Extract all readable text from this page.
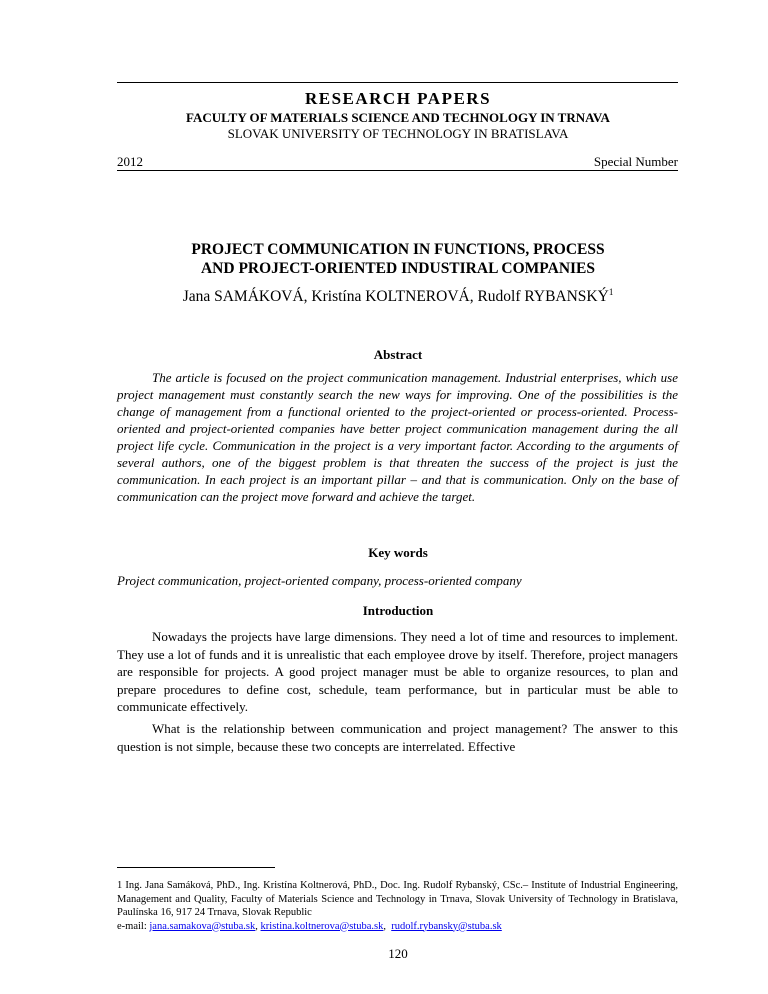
RESEARCH PAPERS
FACULTY OF MATERIALS SCIENCE AND TECHNOLOGY IN TRNAVA
SLOVAK UNIVERSITY OF TECHNOLOGY IN BRATISLAVA
2012	Special Number
PROJECT COMMUNICATION IN FUNCTIONS, PROCESS
AND PROJECT-ORIENTED INDUSTIRAL COMPANIES
Jana SAMÁKOVÁ, Kristína KOLTNEROVÁ, Rudolf RYBANSKÝ$^1$
Abstract
The article is focused on the project communication management. Industrial enterprises, which use project management must constantly search the new ways for improving. One of the possibilities is the change of management from a functional oriented to the project-oriented or process-oriented. Process-oriented and project-oriented companies have better project communication management during the all project life cycle. Communication in the project is a very important factor. According to the arguments of several authors, one of the biggest problem is that threaten the success of the project is just the communication. In each project is an important pillar – and that is communication. Only on the base of communication can the project move forward and achieve the target.
Key words
Project communication, project-oriented company, process-oriented company
Introduction
Nowadays the projects have large dimensions. They need a lot of time and resources to implement. They use a lot of funds and it is unrealistic that each employee drove by itself. Therefore, project managers are responsible for projects. A good project manager must be able to organize resources, to plan and prepare procedures to define cost, schedule, team performance, but in particular must be able to communicate effectively.
What is the relationship between communication and project management? The answer to this question is not simple, because these two concepts are interrelated. Effective
1 Ing. Jana Samáková, PhD., Ing. Kristína Koltnerová, PhD., Doc. Ing. Rudolf Rybanský, CSc.– Institute of Industrial Engineering, Management and Quality, Faculty of Materials Science and Technology in Trnava, Slovak University of Technology in Bratislava, Paulínska 16, 917 24 Trnava, Slovak Republic
e-mail: jana.samakova@stuba.sk, kristina.koltnerova@stuba.sk,  rudolf.rybansky@stuba.sk
120
